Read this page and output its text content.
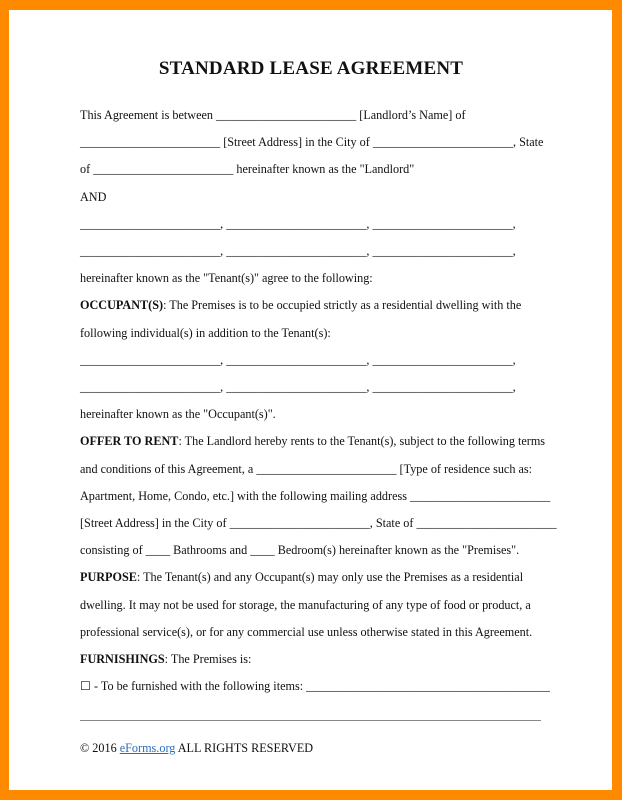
STANDARD LEASE AGREEMENT
This Agreement is between _______________________ [Landlord’s Name] of
_______________________ [Street Address] in the City of _______________________, State
of _______________________ hereinafter known as the "Landlord"
AND
_______________________, _______________________, _______________________,
_______________________, _______________________, _______________________,
hereinafter known as the "Tenant(s)" agree to the following:
OCCUPANT(S): The Premises is to be occupied strictly as a residential dwelling with the
following individual(s) in addition to the Tenant(s):
_______________________, _______________________, _______________________,
_______________________, _______________________, _______________________,
hereinafter known as the "Occupant(s)".
OFFER TO RENT: The Landlord hereby rents to the Tenant(s), subject to the following terms
and conditions of this Agreement, a _______________________ [Type of residence such as:
Apartment, Home, Condo, etc.] with the following mailing address _______________________
[Street Address] in the City of _______________________, State of _______________________
consisting of ____ Bathrooms and ____ Bedroom(s) hereinafter known as the "Premises".
PURPOSE: The Tenant(s) and any Occupant(s) may only use the Premises as a residential
dwelling. It may not be used for storage, the manufacturing of any type of food or product, a
professional service(s), or for any commercial use unless otherwise stated in this Agreement.
FURNISHINGS: The Premises is:
☐ - To be furnished with the following items: ________________________________________
© 2016 eForms.org ALL RIGHTS RESERVED
